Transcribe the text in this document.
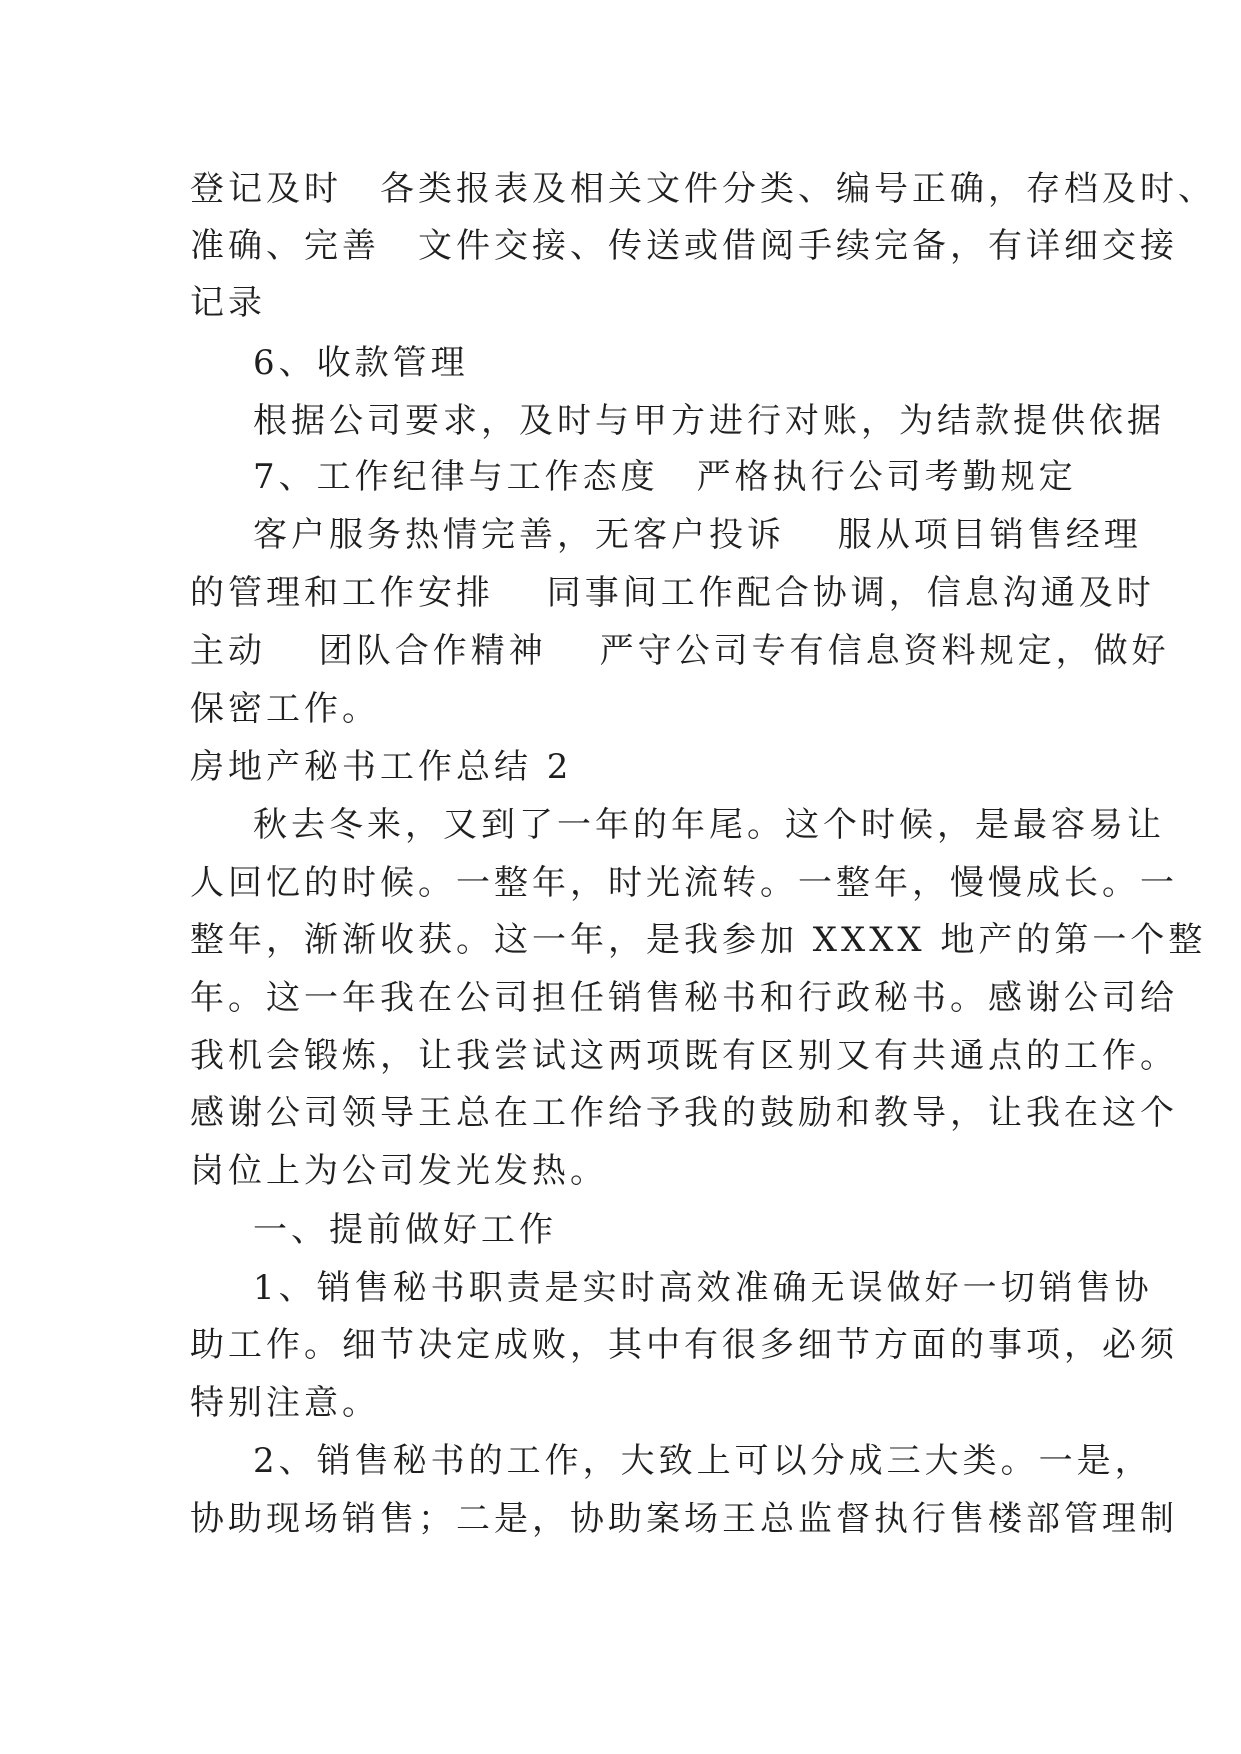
登记及时　各类报表及相关文件分类、编号正确，存档及时、
准确、完善　文件交接、传送或借阅手续完备，有详细交接
记录
6、收款管理
根据公司要求，及时与甲方进行对账，为结款提供依据
7、工作纪律与工作态度　严格执行公司考勤规定
客户服务热情完善，无客户投诉　 服从项目销售经理
的管理和工作安排　 同事间工作配合协调，信息沟通及时
主动　 团队合作精神　 严守公司专有信息资料规定，做好
保密工作。
房地产秘书工作总结 2
秋去冬来，又到了一年的年尾。这个时候，是最容易让
人回忆的时候。一整年，时光流转。一整年，慢慢成长。一
整年，渐渐收获。这一年，是我参加 XXXX 地产的第一个整
年。这一年我在公司担任销售秘书和行政秘书。感谢公司给
我机会锻炼，让我尝试这两项既有区别又有共通点的工作。
感谢公司领导王总在工作给予我的鼓励和教导，让我在这个
岗位上为公司发光发热。
一、提前做好工作
1、销售秘书职责是实时高效准确无误做好一切销售协
助工作。细节决定成败，其中有很多细节方面的事项，必须
特别注意。
2、销售秘书的工作，大致上可以分成三大类。一是，
协助现场销售；二是，协助案场王总监督执行售楼部管理制
